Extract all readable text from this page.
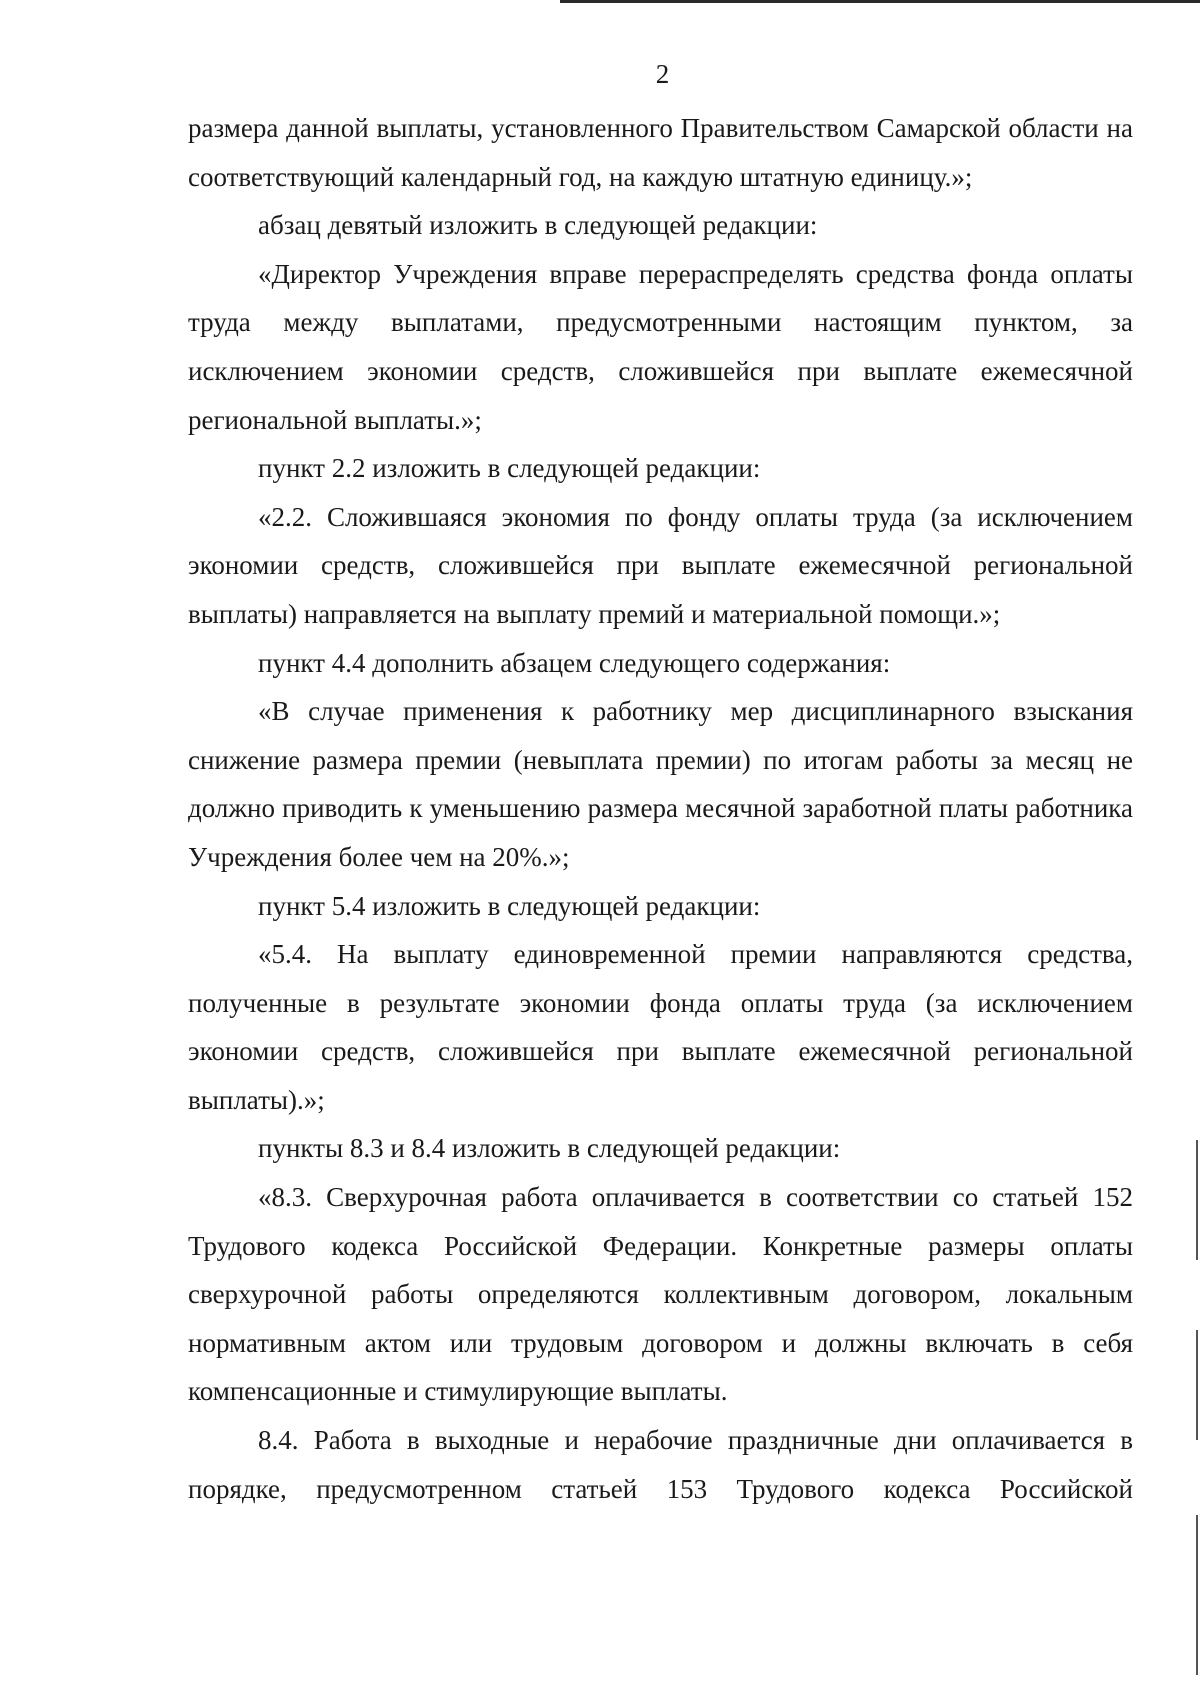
2

размера данной выплаты, установленного Правительством Самарской области на соответствующий календарный год, на каждую штатную единицу.»;

абзац девятый изложить в следующей редакции:

«Директор Учреждения вправе перераспределять средства фонда оплаты труда между выплатами, предусмотренными настоящим пунктом, за исключением экономии средств, сложившейся при выплате ежемесячной региональной выплаты.»;

пункт 2.2 изложить в следующей редакции:

«2.2. Сложившаяся экономия по фонду оплаты труда (за исключением экономии средств, сложившейся при выплате ежемесячной региональной выплаты) направляется на выплату премий и материальной помощи.»;

пункт 4.4 дополнить абзацем следующего содержания:

«В случае применения к работнику мер дисциплинарного взыскания снижение размера премии (невыплата премии) по итогам работы за месяц не должно приводить к уменьшению размера месячной заработной платы работника Учреждения более чем на 20%.»;

пункт 5.4 изложить в следующей редакции:

«5.4. На выплату единовременной премии направляются средства, полученные в результате экономии фонда оплаты труда (за исключением экономии средств, сложившейся при выплате ежемесячной региональной выплаты).»;

пункты 8.3 и 8.4 изложить в следующей редакции:

«8.3. Сверхурочная работа оплачивается в соответствии со статьей 152 Трудового кодекса Российской Федерации. Конкретные размеры оплаты сверхурочной работы определяются коллективным договором, локальным нормативным актом или трудовым договором и должны включать в себя компенсационные и стимулирующие выплаты.

8.4. Работа в выходные и нерабочие праздничные дни оплачивается в порядке, предусмотренном статьей 153 Трудового кодекса Российской
